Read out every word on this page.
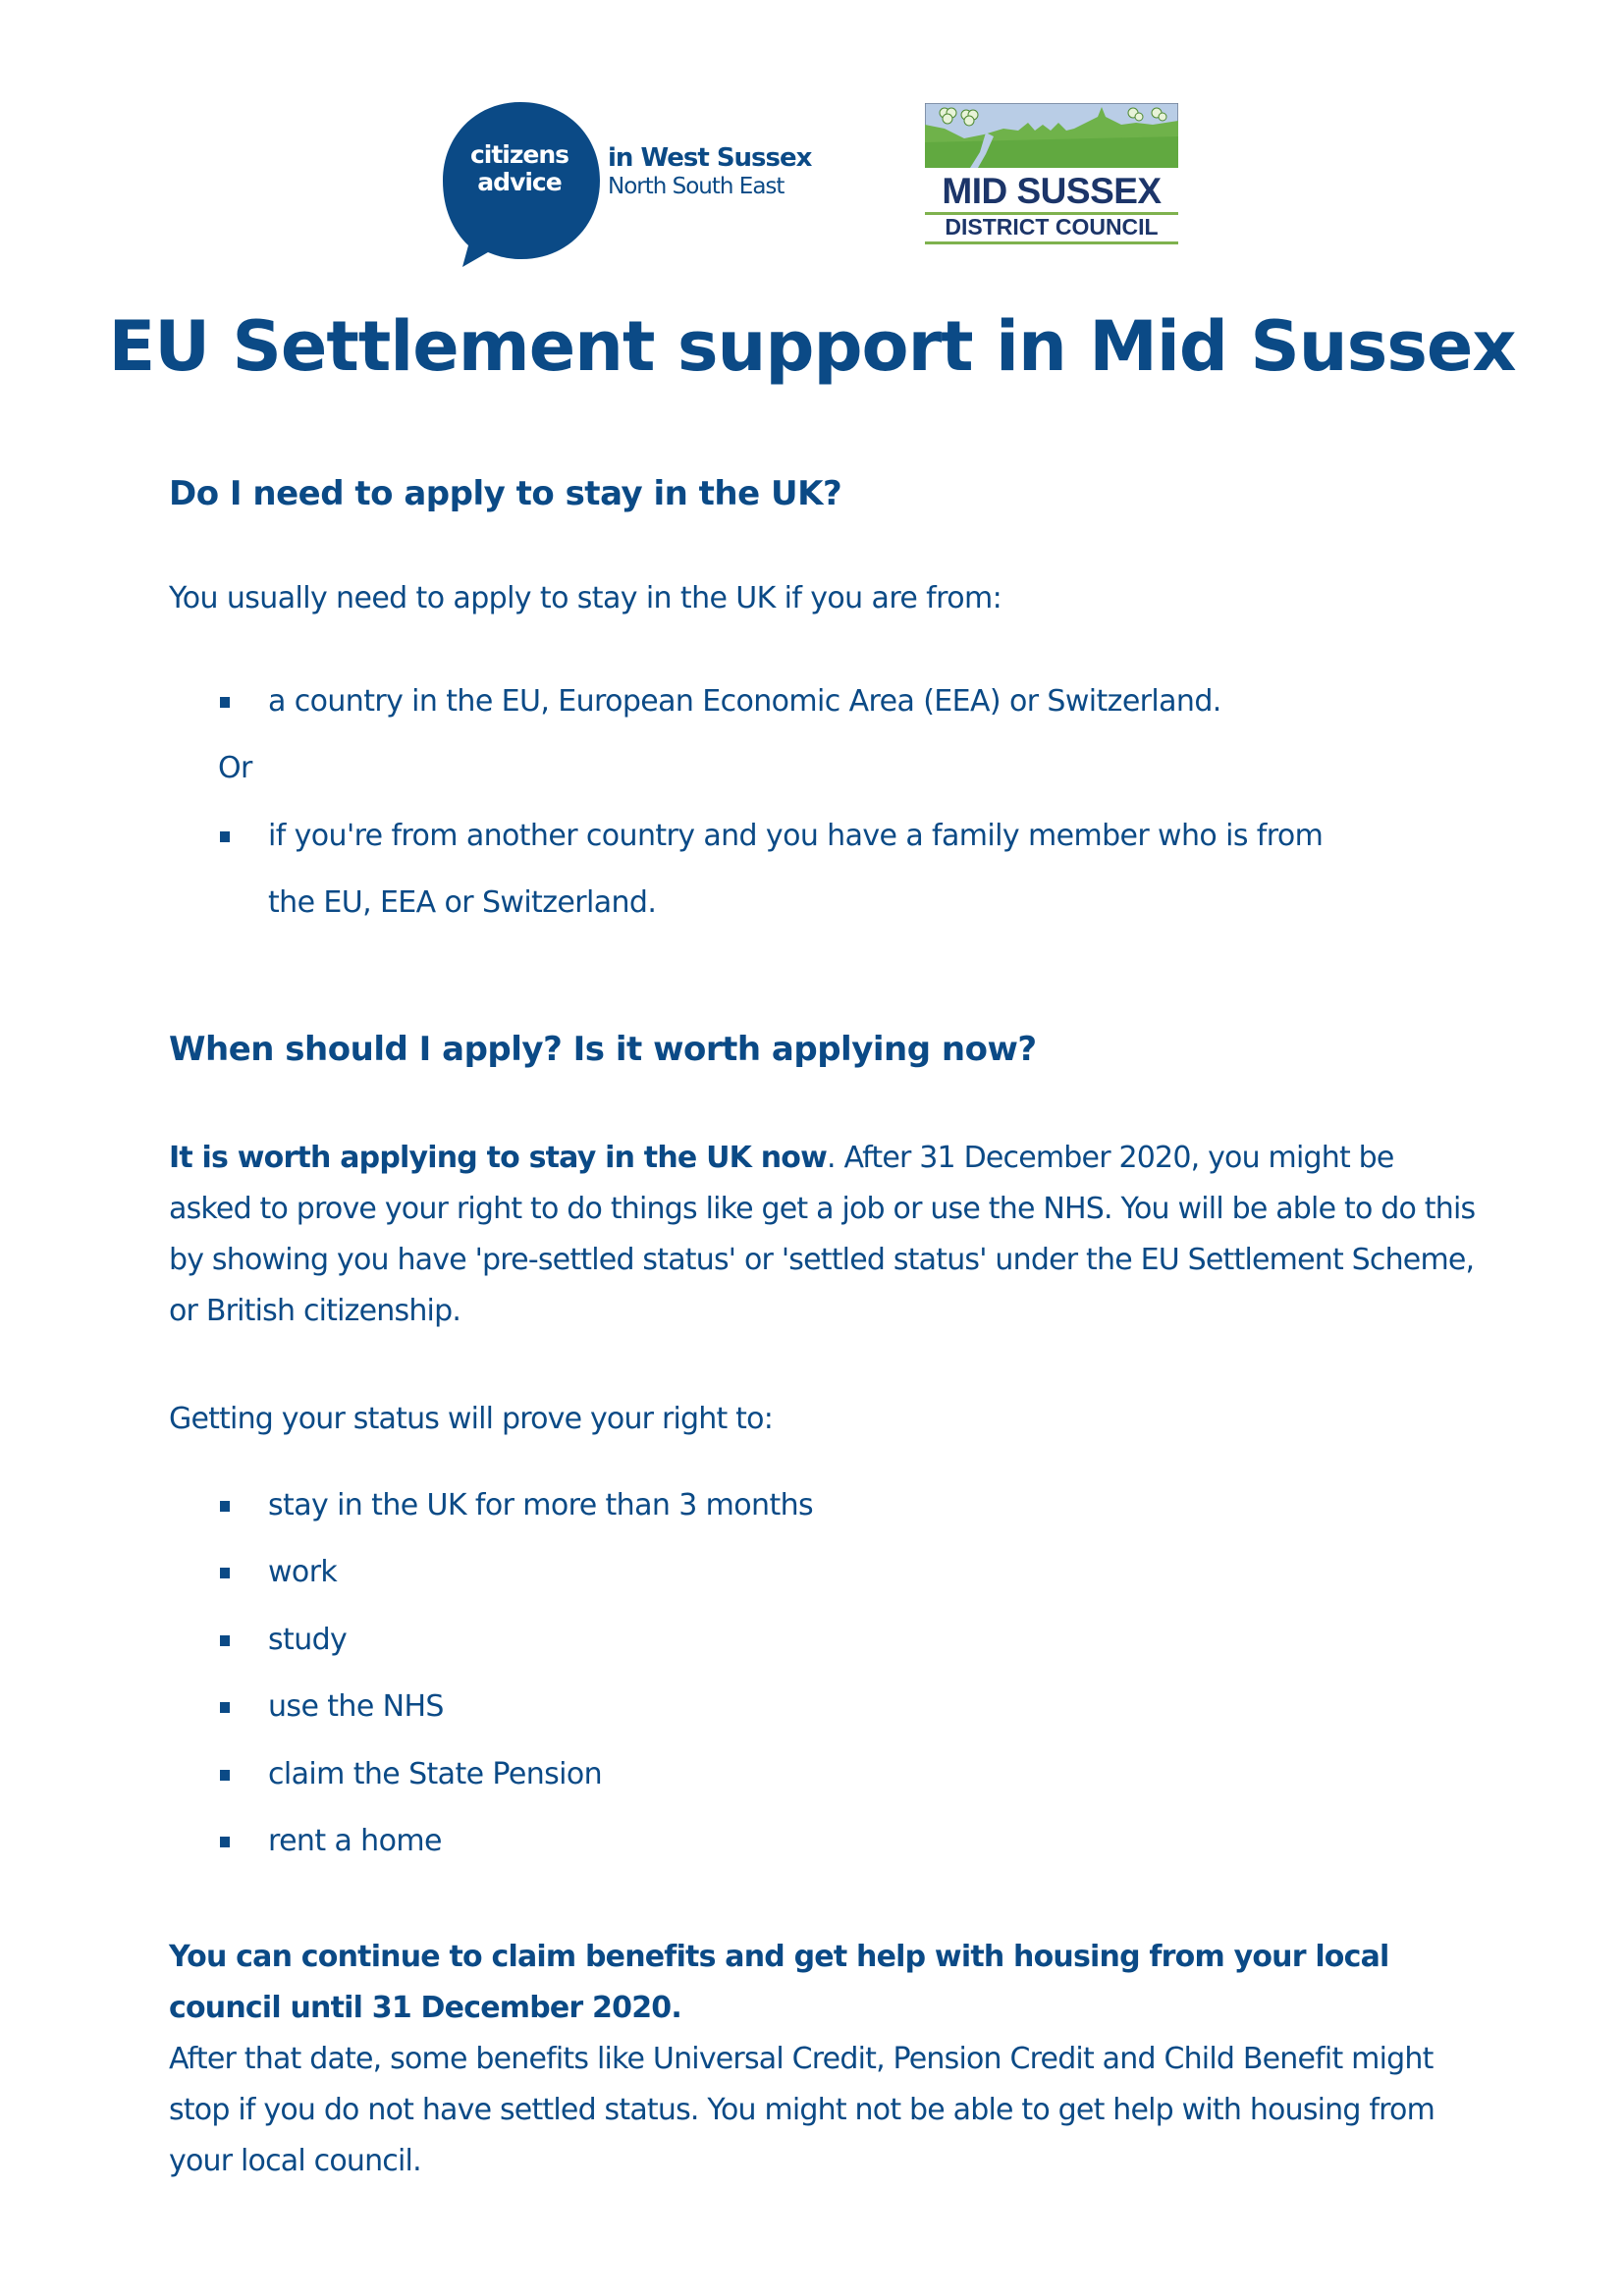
citizens
advice
in West Sussex
North South East	MID SUSSEX
DISTRICT COUNCIL
EU Settlement support in Mid Sussex
Do I need to apply to stay in the UK?
You usually need to apply to stay in the UK if you are from:
a country in the EU, European Economic Area (EEA) or Switzerland.
Or
if you're from another country and you have a family member who is from
the EU, EEA or Switzerland.
When should I apply? Is it worth applying now?
It is worth applying to stay in the UK now. After 31 December 2020, you might be asked to prove your right to do things like get a job or use the NHS. You will be able to do this by showing you have 'pre-settled status' or 'settled status' under the EU Settlement Scheme, or British citizenship.
Getting your status will prove your right to:
stay in the UK for more than 3 months
work
study
use the NHS
claim the State Pension
rent a home
You can continue to claim benefits and get help with housing from your local council until 31 December 2020.
After that date, some benefits like Universal Credit, Pension Credit and Child Benefit might stop if you do not have settled status. You might not be able to get help with housing from your local council.
